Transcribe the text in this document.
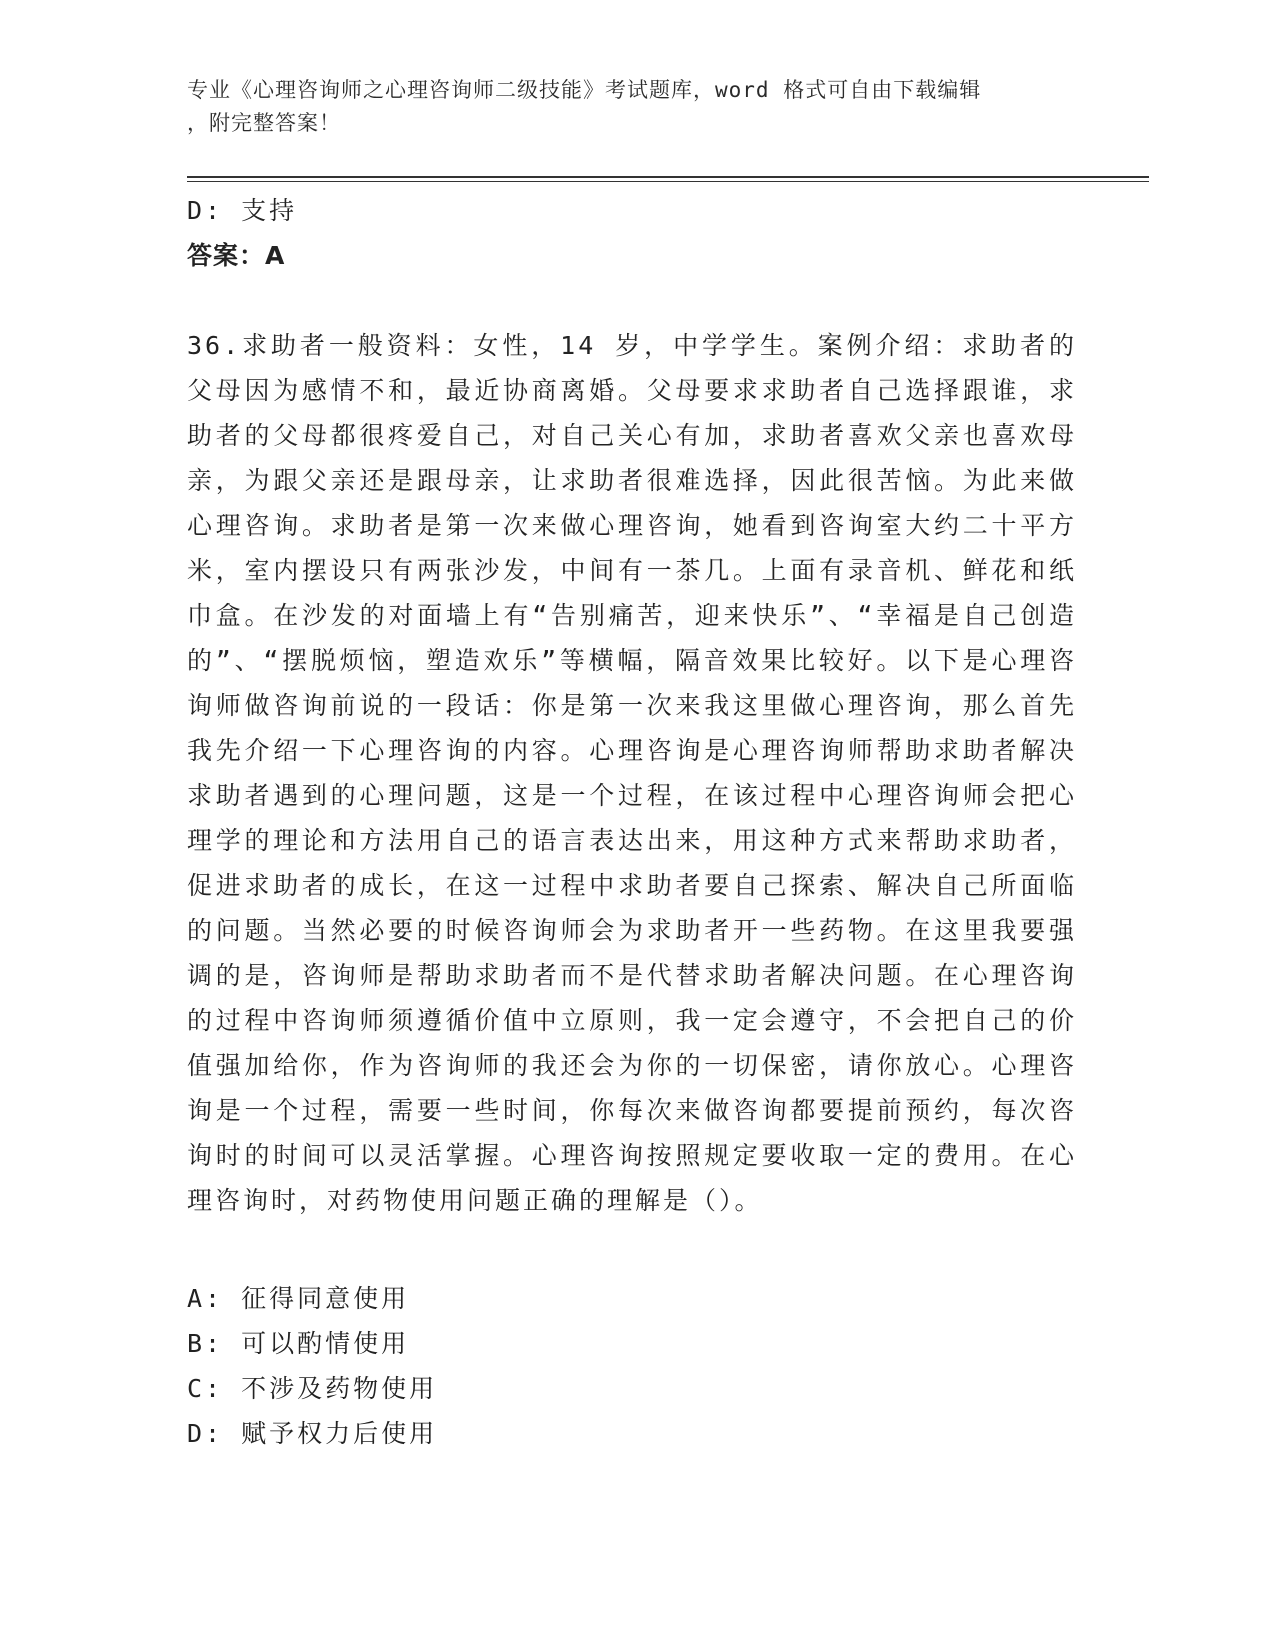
专业《心理咨询师之心理咨询师二级技能》考试题库，word 格式可自由下载编辑
，附完整答案！
D: 支持
答案：A
36.求助者一般资料：女性，14 岁，中学学生。案例介绍：求助者的父母因为感情不和，最近协商离婚。父母要求求助者自己选择跟谁，求助者的父母都很疼爱自己，对自己关心有加，求助者喜欢父亲也喜欢母亲，为跟父亲还是跟母亲，让求助者很难选择，因此很苦恼。为此来做心理咨询。求助者是第一次来做心理咨询，她看到咨询室大约二十平方米，室内摆设只有两张沙发，中间有一茶几。上面有录音机、鲜花和纸巾盒。在沙发的对面墙上有“告别痛苦，迎来快乐”、“幸福是自己创造的”、“摆脱烦恼，塑造欢乐”等横幅，隔音效果比较好。以下是心理咨询师做咨询前说的一段话：你是第一次来我这里做心理咨询，那么首先我先介绍一下心理咨询的内容。心理咨询是心理咨询师帮助求助者解决求助者遇到的心理问题，这是一个过程，在该过程中心理咨询师会把心理学的理论和方法用自己的语言表达出来，用这种方式来帮助求助者，促进求助者的成长，在这一过程中求助者要自己探索、解决自己所面临的问题。当然必要的时候咨询师会为求助者开一些药物。在这里我要强调的是，咨询师是帮助求助者而不是代替求助者解决问题。在心理咨询的过程中咨询师须遵循价值中立原则，我一定会遵守，不会把自己的价值强加给你，作为咨询师的我还会为你的一切保密，请你放心。心理咨询是一个过程，需要一些时间，你每次来做咨询都要提前预约，每次咨询时的时间可以灵活掌握。心理咨询按照规定要收取一定的费用。在心理咨询时，对药物使用问题正确的理解是（）。
A: 征得同意使用
B: 可以酌情使用
C: 不涉及药物使用
D: 赋予权力后使用
